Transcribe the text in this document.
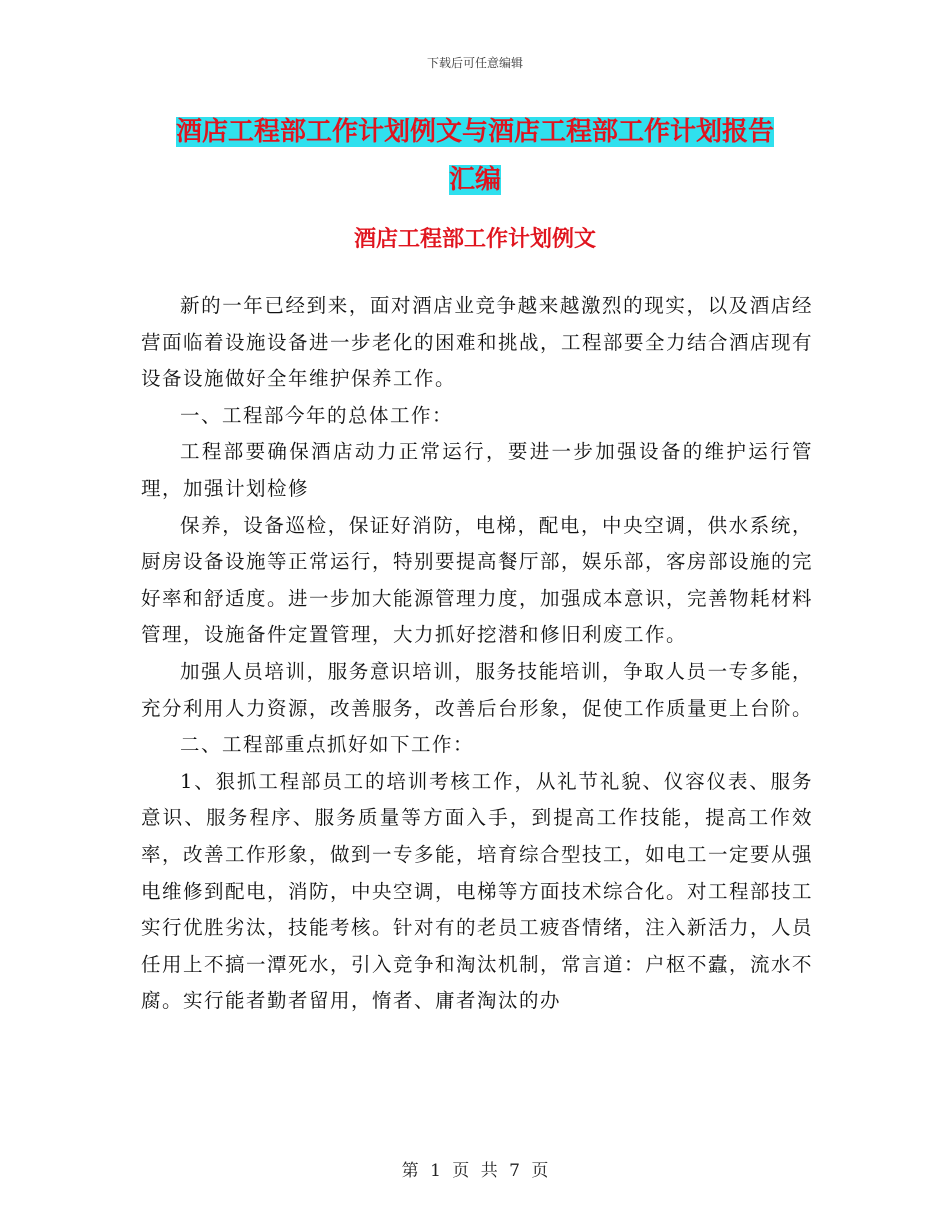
下载后可任意编辑
酒店工程部工作计划例文与酒店工程部工作计划报告
汇编
酒店工程部工作计划例文

新的一年已经到来，面对酒店业竞争越来越激烈的现实，以及酒店经营面临着设施设备进一步老化的困难和挑战，工程部要全力结合酒店现有设备设施做好全年维护保养工作。

一、工程部今年的总体工作：

工程部要确保酒店动力正常运行，要进一步加强设备的维护运行管理，加强计划检修

保养，设备巡检，保证好消防，电梯，配电，中央空调，供水系统，厨房设备设施等正常运行，特别要提高餐厅部，娱乐部，客房部设施的完好率和舒适度。进一步加大能源管理力度，加强成本意识，完善物耗材料管理，设施备件定置管理，大力抓好挖潜和修旧利废工作。

加强人员培训，服务意识培训，服务技能培训，争取人员一专多能，充分利用人力资源，改善服务，改善后台形象，促使工作质量更上台阶。

二、工程部重点抓好如下工作：

1、狠抓工程部员工的培训考核工作，从礼节礼貌、仪容仪表、服务意识、服务程序、服务质量等方面入手，到提高工作技能，提高工作效率，改善工作形象，做到一专多能，培育综合型技工，如电工一定要从强电维修到配电，消防，中央空调，电梯等方面技术综合化。对工程部技工实行优胜劣汰，技能考核。针对有的老员工疲沓情绪，注入新活力，人员任用上不搞一潭死水，引入竞争和淘汰机制，常言道：户枢不蠹，流水不腐。实行能者勤者留用，惰者、庸者淘汰的办

第 1 页 共 7 页
